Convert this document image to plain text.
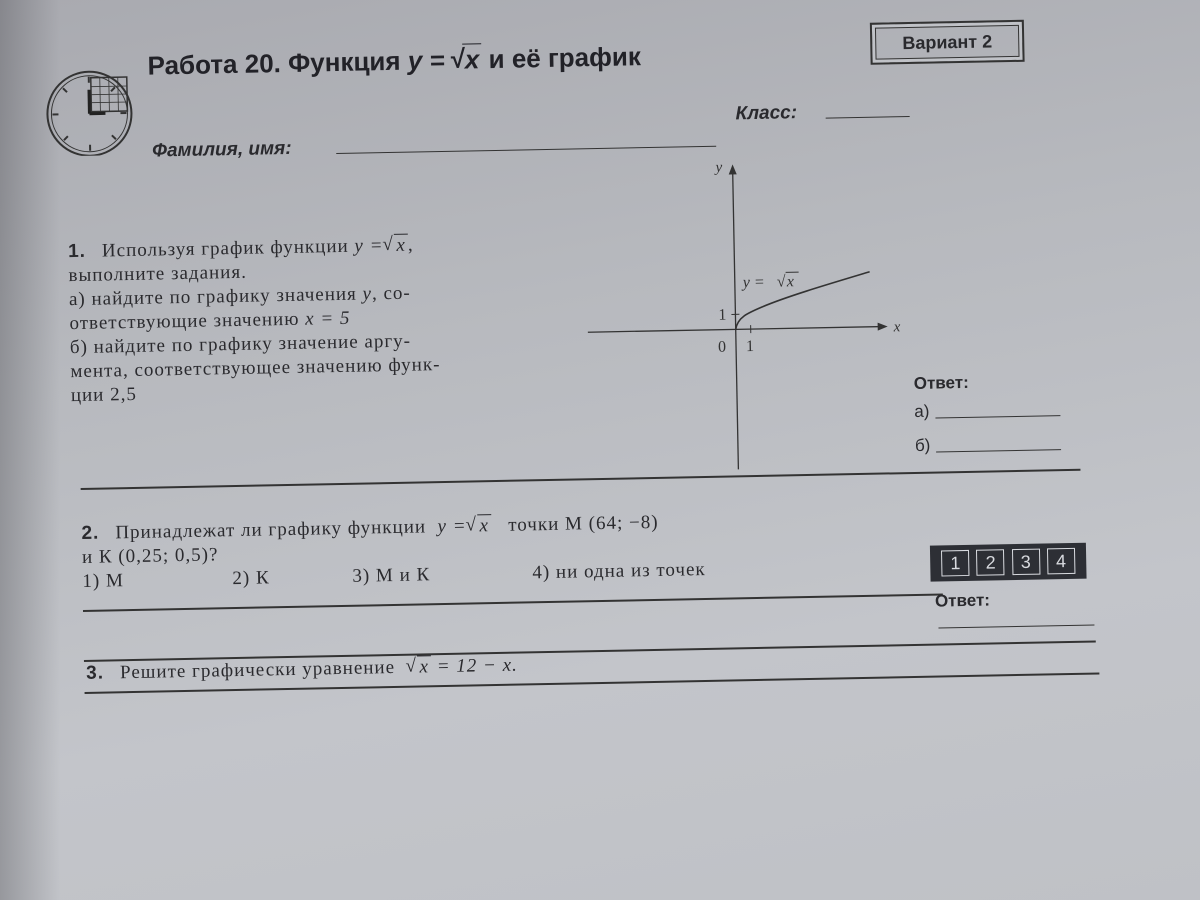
Работа 20. Функция y = √ x и её график	Вариант 2
Фамилия, имя:
Класс:
1. Используя график функции y = √ x,
выполните задания.
а) найдите по графику значения y, со-
ответствующие значению x = 5
б) найдите по графику значение аргу-
мента, соответствующее значению функ-
ции 2,5
y
x
0 1
1
y = √ x
Ответ:
а)
б)
2. Принадлежат ли графику функции y = √ x точки М (64; −8)
и К (0,25; 0,5)?
1) М	2) К	3) М и К	4) ни одна из точек	1	2	3	4
Ответ:
3. Решите графически уравнение √ x = 12 − x.
